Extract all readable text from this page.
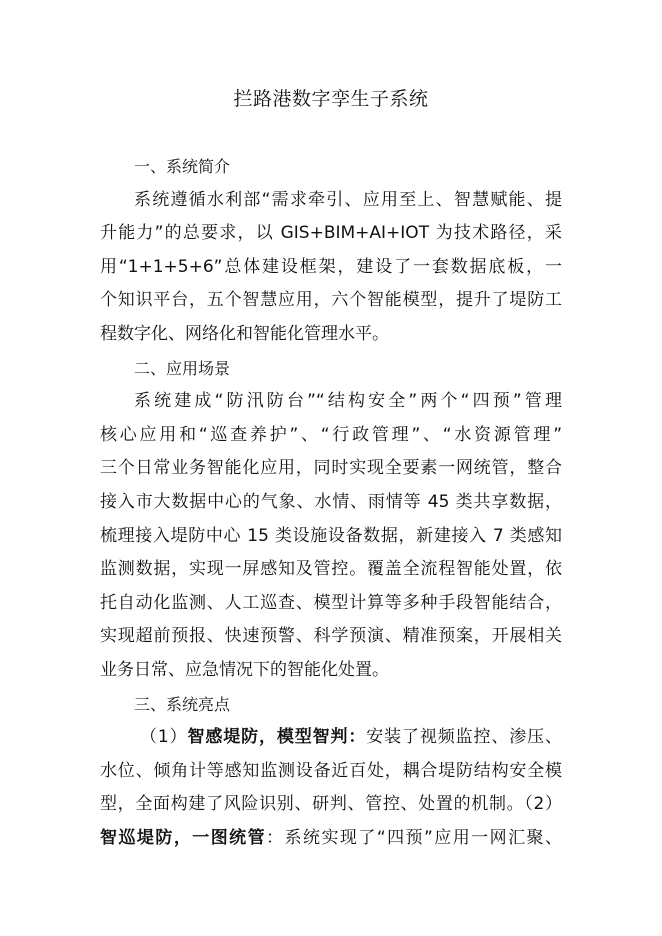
拦路港数字孪生子系统
一、系统简介
系统遵循水利部“需求牵引、应用至上、智慧赋能、提
升能力”的总要求，以 GIS+BIM+AI+IOT 为技术路径，采
用“1+1+5+6”总体建设框架，建设了一套数据底板，一
个知识平台，五个智慧应用，六个智能模型，提升了堤防工
程数字化、网络化和智能化管理水平。
二、应用场景
系统建成“防汛防台”“结构安全”两个“四预”管理
核心应用和“巡查养护”、“行政管理”、“水资源管理”
三个日常业务智能化应用，同时实现全要素一网统管，整合
接入市大数据中心的气象、水情、雨情等 45 类共享数据，
梳理接入堤防中心 15 类设施设备数据，新建接入 7 类感知
监测数据，实现一屏感知及管控。覆盖全流程智能处置，依
托自动化监测、人工巡查、模型计算等多种手段智能结合，
实现超前预报、快速预警、科学预演、精准预案，开展相关
业务日常、应急情况下的智能化处置。
三、系统亮点
（1）智感堤防，模型智判：安装了视频监控、渗压、
水位、倾角计等感知监测设备近百处，耦合堤防结构安全模
型，全面构建了风险识别、研判、管控、处置的机制。（2）
智巡堤防，一图统管：系统实现了“四预”应用一网汇聚、
